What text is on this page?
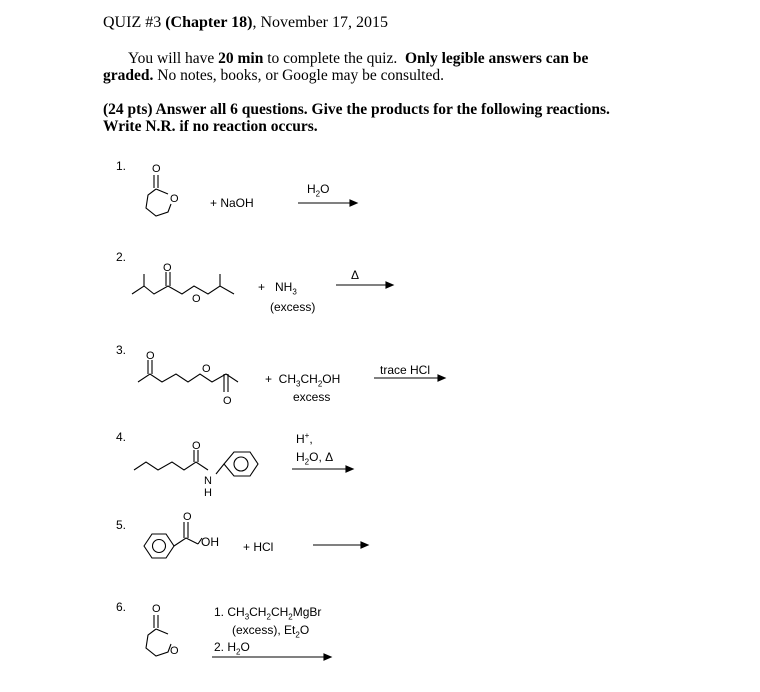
QUIZ #3 (Chapter 18), November 17, 2015
You will have 20 min to complete the quiz.  Only legible answers can be
graded. No notes, books, or Google may be consulted.
(24 pts) Answer all 6 questions. Give the products for the following reactions.
Write N.R. if no reaction occurs.
1. O
O	+ NaOH
$H_2O$
2.
O
O
+   $NH_3$
(excess)
Δ
3. O
O
O
+  $CH_3CH_2OH$
excess
trace HCl
4.
O
N
H
H+,
$H_2O$, Δ
5.
O
OH + HCl
6. O
O
1. $CH_3CH_2CH_2MgBr$
(excess), $Et_2O$
2. $H_2O$
